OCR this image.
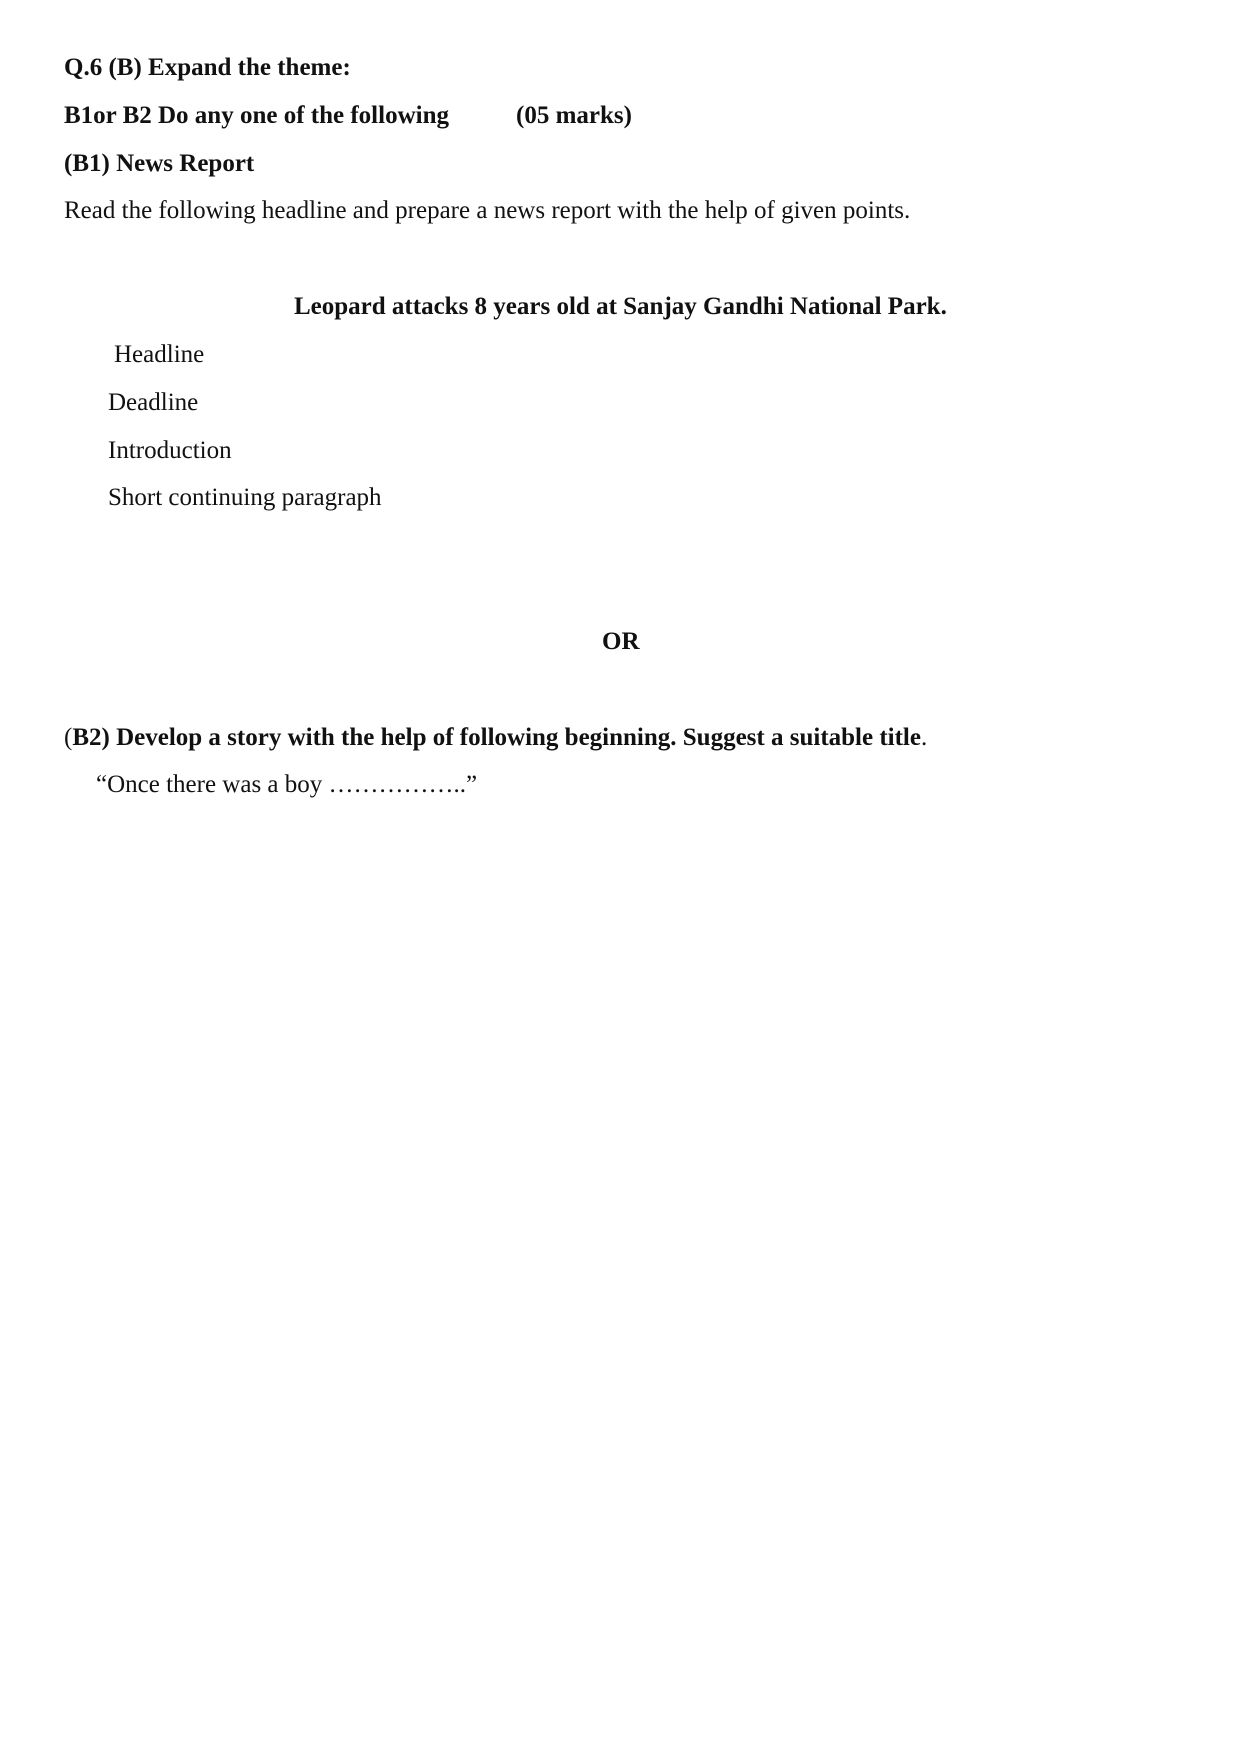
Q.6 (B) Expand the theme:
B1or B2 Do any one of the following	(05 marks)
(B1) News Report
Read the following headline and prepare a news report with the help of given points.
Leopard attacks 8 years old at Sanjay Gandhi National Park.
Headline
Deadline
Introduction
Short continuing paragraph
OR
(B2) Develop a story with the help of following beginning. Suggest a suitable title.
“Once there was a boy ……………..”
